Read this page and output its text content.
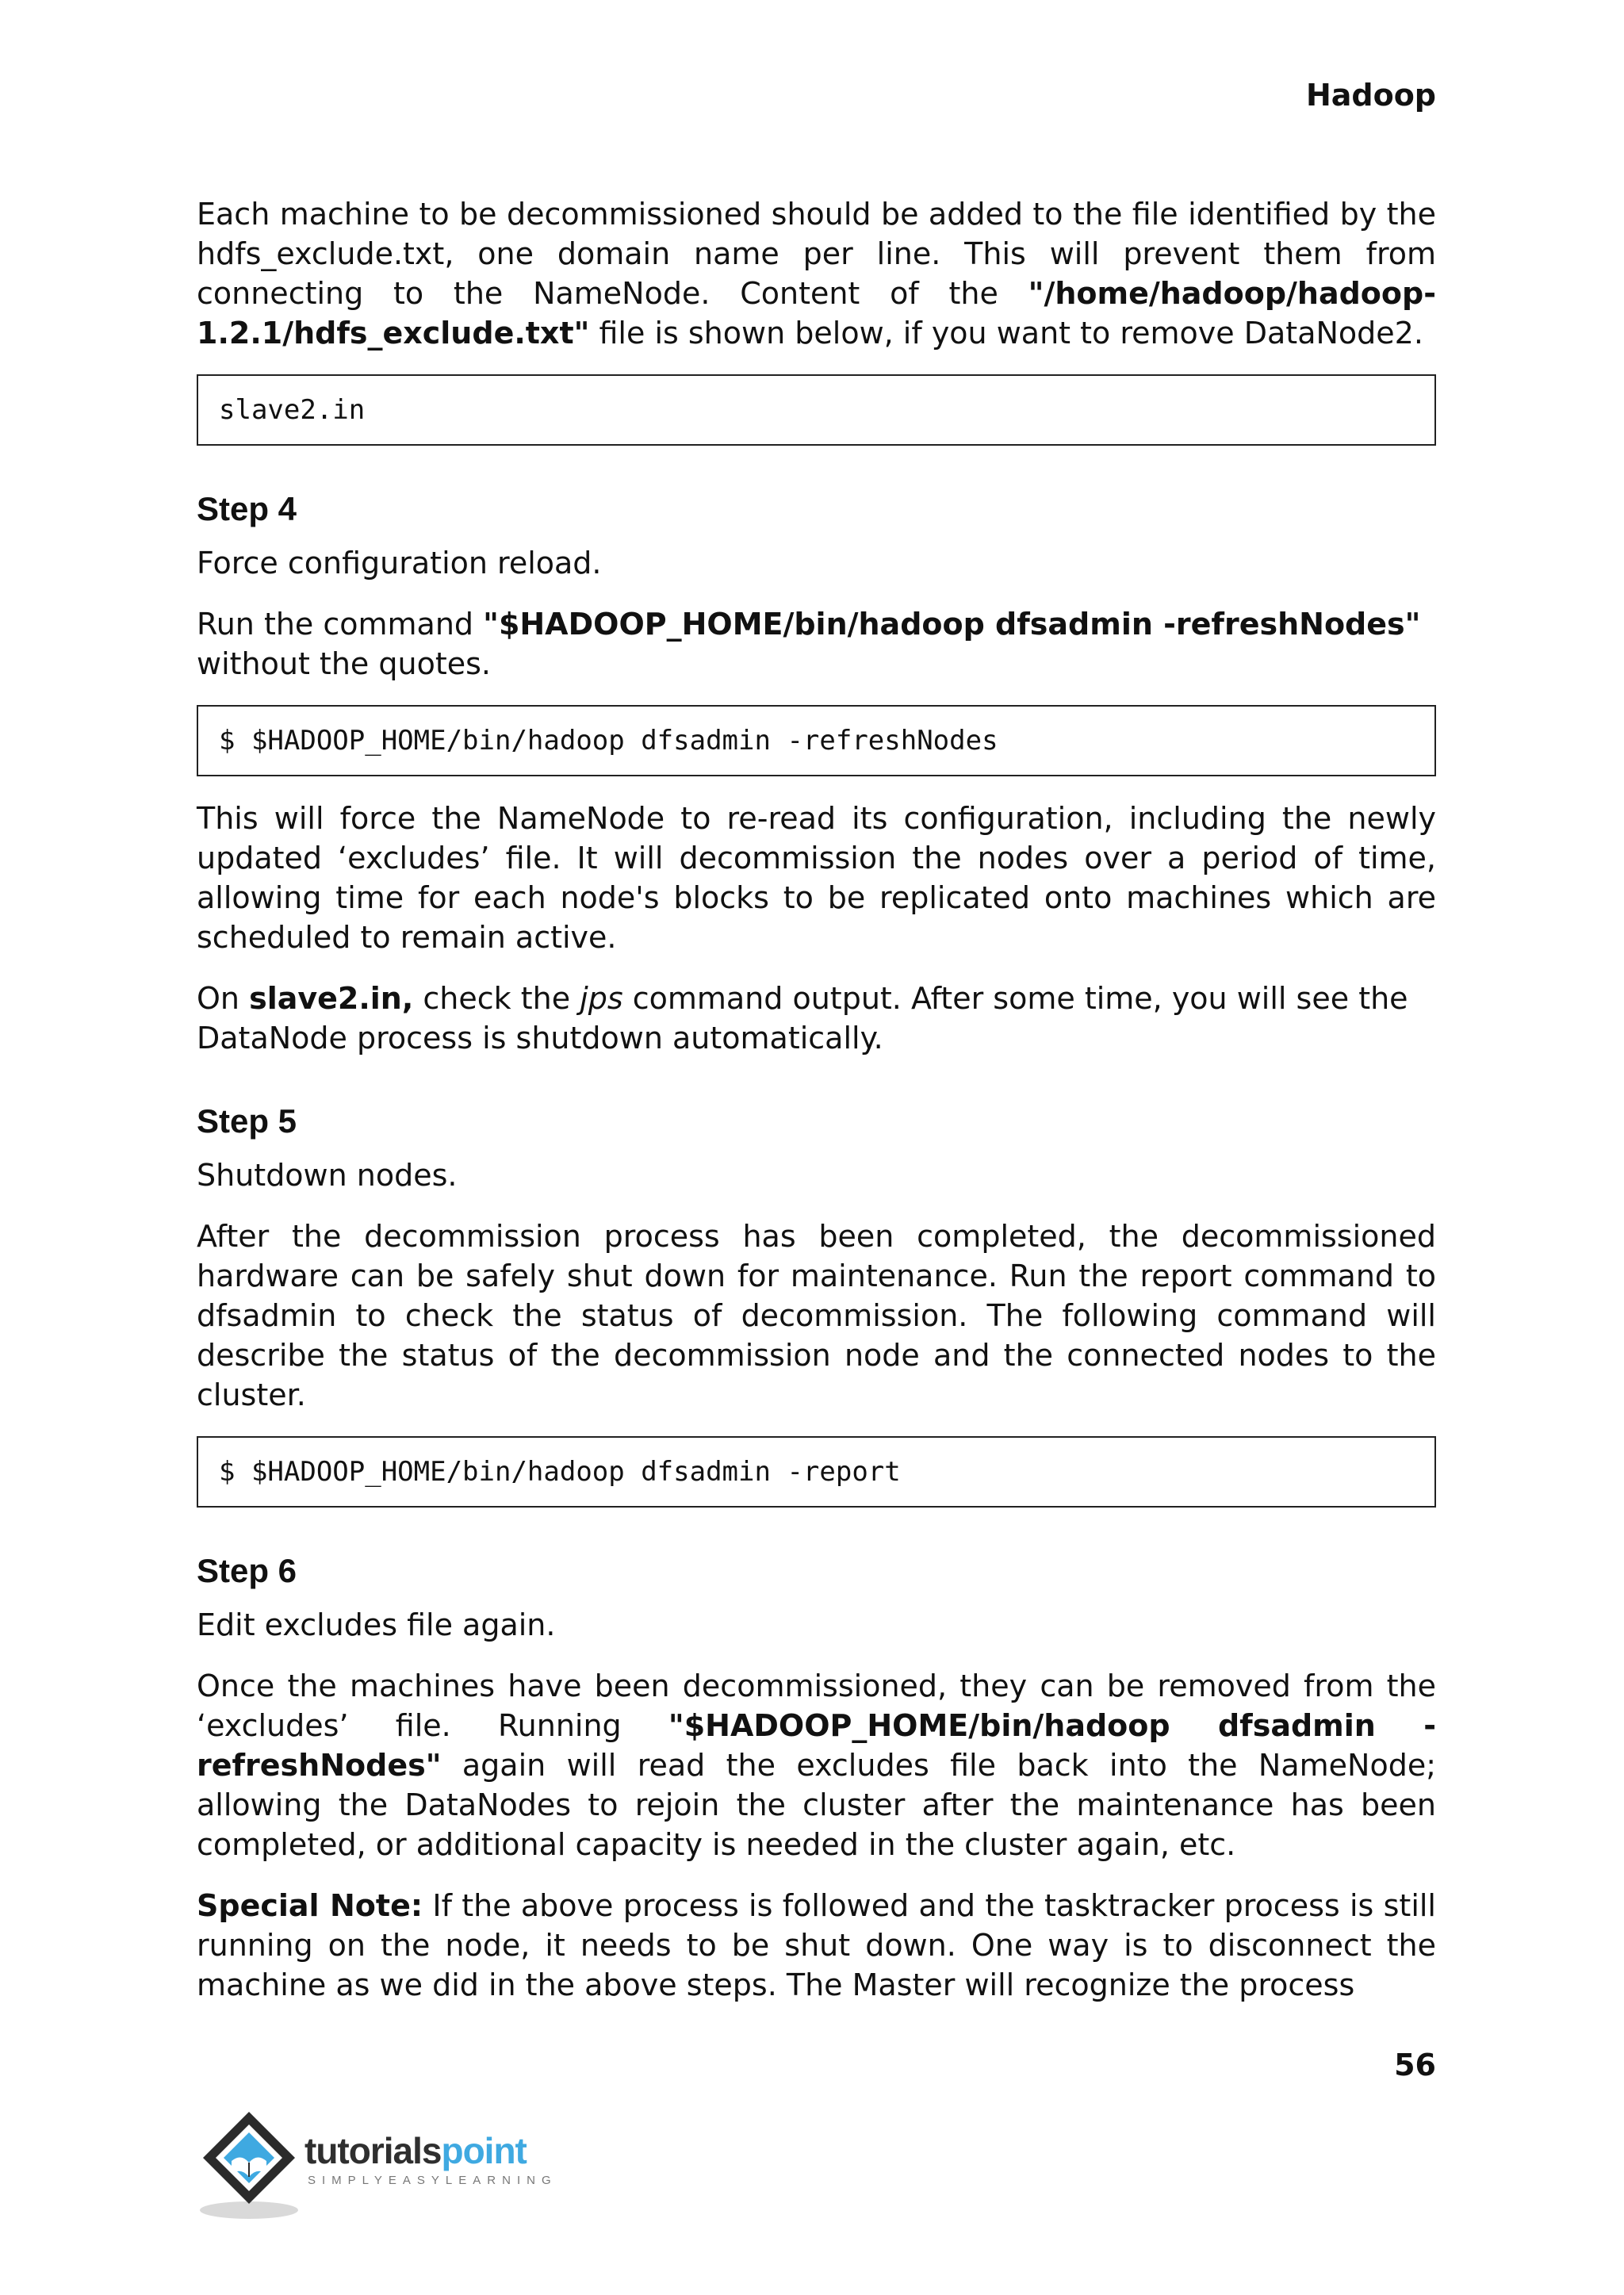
Hadoop

Each machine to be decommissioned should be added to the file identified by the hdfs_exclude.txt, one domain name per line. This will prevent them from connecting to the NameNode. Content of the "/home/hadoop/hadoop-1.2.1/hdfs_exclude.txt" file is shown below, if you want to remove DataNode2.

slave2.in
Step 4

Force configuration reload.

Run the command "$HADOOP_HOME/bin/hadoop dfsadmin -refreshNodes" without the quotes.

$ $HADOOP_HOME/bin/hadoop dfsadmin -refreshNodes

This will force the NameNode to re-read its configuration, including the newly updated ‘excludes’ file. It will decommission the nodes over a period of time, allowing time for each node's blocks to be replicated onto machines which are scheduled to remain active.

On slave2.in, check the jps command output. After some time, you will see the DataNode process is shutdown automatically.

Step 5

Shutdown nodes.

After the decommission process has been completed, the decommissioned hardware can be safely shut down for maintenance. Run the report command to dfsadmin to check the status of decommission. The following command will describe the status of the decommission node and the connected nodes to the cluster.

$ $HADOOP_HOME/bin/hadoop dfsadmin -report
Step 6

Edit excludes file again.

Once the machines have been decommissioned, they can be removed from the ‘excludes’ file. Running "$HADOOP_HOME/bin/hadoop dfsadmin -refreshNodes" again will read the excludes file back into the NameNode; allowing the DataNodes to rejoin the cluster after the maintenance has been completed, or additional capacity is needed in the cluster again, etc.

Special Note: If the above process is followed and the tasktracker process is still running on the node, it needs to be shut down. One way is to disconnect the machine as we did in the above steps. The Master will recognize the process

56
tutorialspoint
SIMPLYEASYLEARNING
